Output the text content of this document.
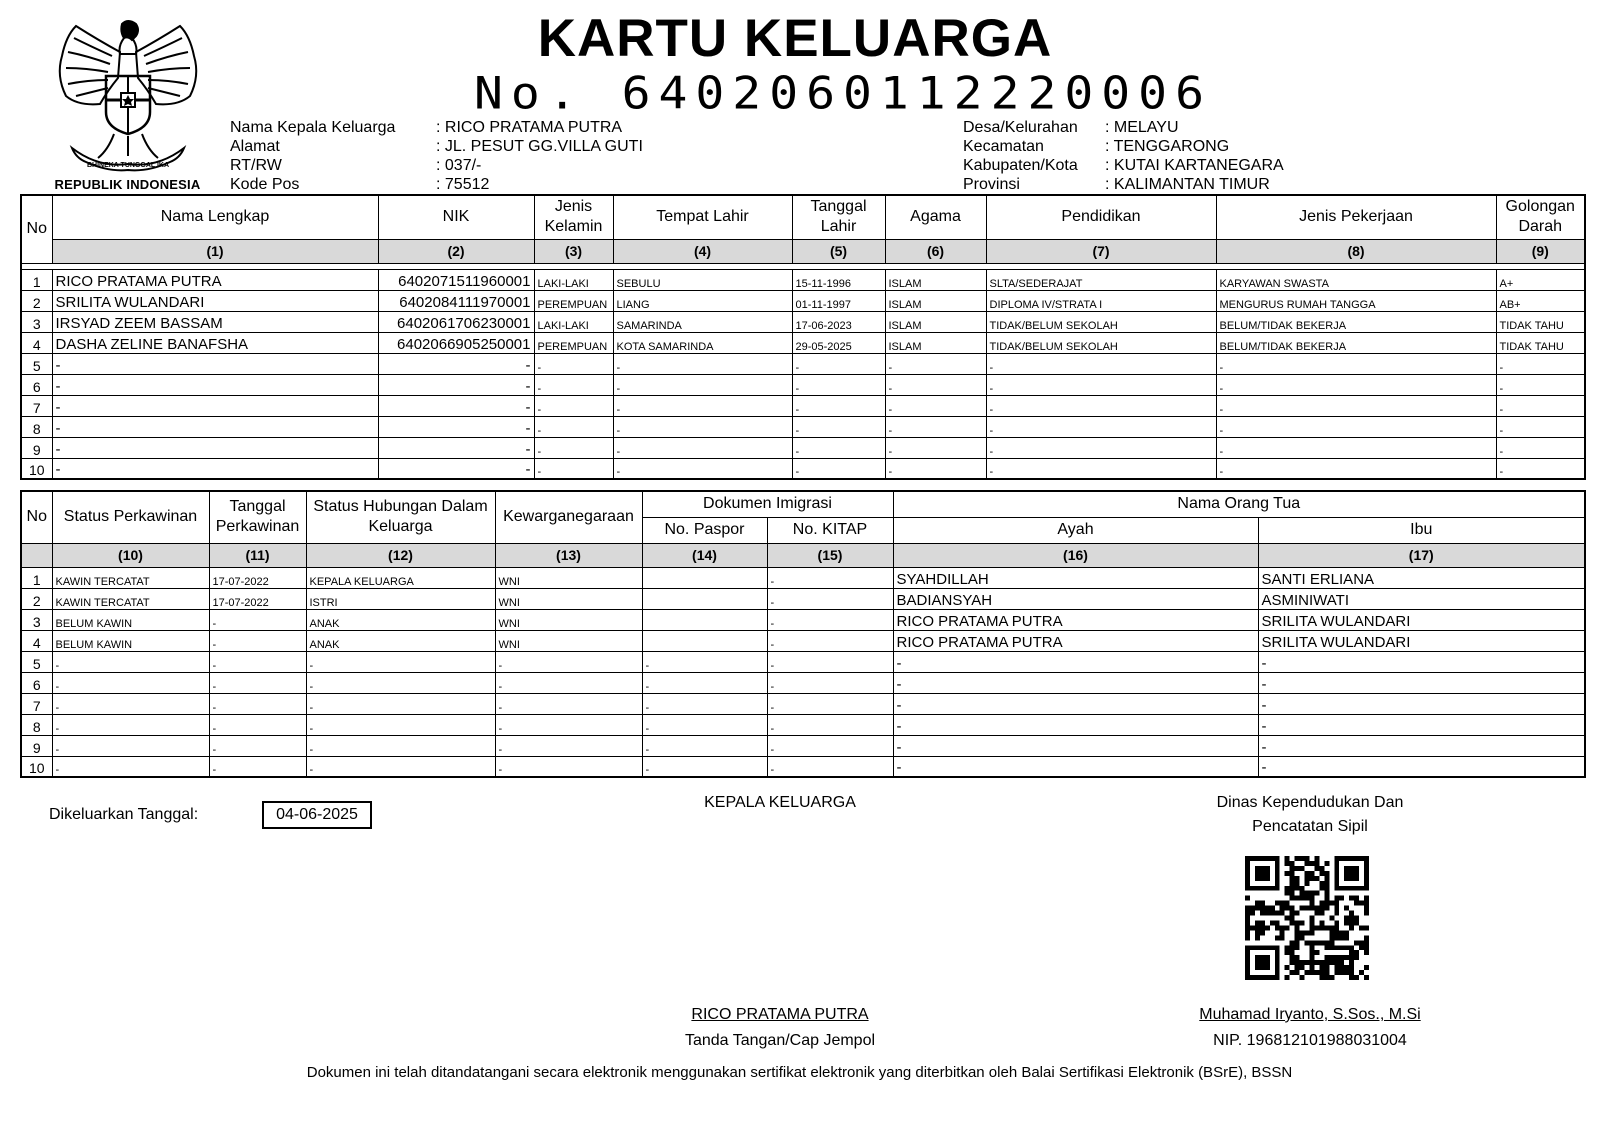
BHINEKA TUNGGAL IKA
REPUBLIK INDONESIA
KARTU KELUARGA
No. 6402060112220006
Nama Kepala Keluarga	: RICO PRATAMA PUTRA
Alamat	: JL. PESUT GG.VILLA GUTI
RT/RW	: 037/-
Kode Pos	: 75512
Desa/Kelurahan	: MELAYU
Kecamatan	: TENGGARONG
Kabupaten/Kota	: KUTAI KARTANEGARA
Provinsi	: KALIMANTAN TIMUR
No	Nama Lengkap	NIK	Jenis Kelamin	Tempat Lahir	Tanggal Lahir	Agama	Pendidikan	Jenis Pekerjaan	Golongan Darah
	(1)	(2)	(3)	(4)	(5)	(6)	(7)	(8)	(9)

1	RICO PRATAMA PUTRA	6402071511960001	LAKI-LAKI	SEBULU	15-11-1996	ISLAM	SLTA/SEDERAJAT	KARYAWAN SWASTA	A+
2	SRILITA WULANDARI	6402084111970001	PEREMPUAN	LIANG	01-11-1997	ISLAM	DIPLOMA IV/STRATA I	MENGURUS RUMAH TANGGA	AB+
3	IRSYAD ZEEM BASSAM	6402061706230001	LAKI-LAKI	SAMARINDA	17-06-2023	ISLAM	TIDAK/BELUM SEKOLAH	BELUM/TIDAK BEKERJA	TIDAK TAHU
4	DASHA ZELINE BANAFSHA	6402066905250001	PEREMPUAN	KOTA SAMARINDA	29-05-2025	ISLAM	TIDAK/BELUM SEKOLAH	BELUM/TIDAK BEKERJA	TIDAK TAHU
5	-	-	-	-	-	-	-	-	-
6	-	-	-	-	-	-	-	-	-
7	-	-	-	-	-	-	-	-	-
8	-	-	-	-	-	-	-	-	-
9	-	-	-	-	-	-	-	-	-
10	-	-	-	-	-	-	-	-	-
No	Status Perkawinan	Tanggal Perkawinan	Status Hubungan Dalam Keluarga	Kewarganegaraan	Dokumen Imigrasi		Nama Orang Tua	
					No. Paspor	No. KITAP	Ayah	Ibu
	(10)	(11)	(12)	(13)	(14)	(15)	(16)	(17)
1	KAWIN TERCATAT	17-07-2022	KEPALA KELUARGA	WNI		-	SYAHDILLAH	SANTI ERLIANA
2	KAWIN TERCATAT	17-07-2022	ISTRI	WNI		-	BADIANSYAH	ASMINIWATI
3	BELUM KAWIN	-	ANAK	WNI		-	RICO PRATAMA PUTRA	SRILITA WULANDARI
4	BELUM KAWIN	-	ANAK	WNI		-	RICO PRATAMA PUTRA	SRILITA WULANDARI
5	-	-	-	-	-	-	-	-
6	-	-	-	-	-	-	-	-
7	-	-	-	-	-	-	-	-
8	-	-	-	-	-	-	-	-
9	-	-	-	-	-	-	-	-
10	-	-	-	-	-	-	-	-
Dikeluarkan Tanggal:	04-06-2025
KEPALA KELUARGA
RICO PRATAMA PUTRA
Tanda Tangan/Cap Jempol
Dinas Kependudukan Dan
Pencatatan Sipil
Muhamad Iryanto, S.Sos., M.Si
NIP. 196812101988031004
Dokumen ini telah ditandatangani secara elektronik menggunakan sertifikat elektronik yang diterbitkan oleh Balai Sertifikasi Elektronik (BSrE), BSSN
